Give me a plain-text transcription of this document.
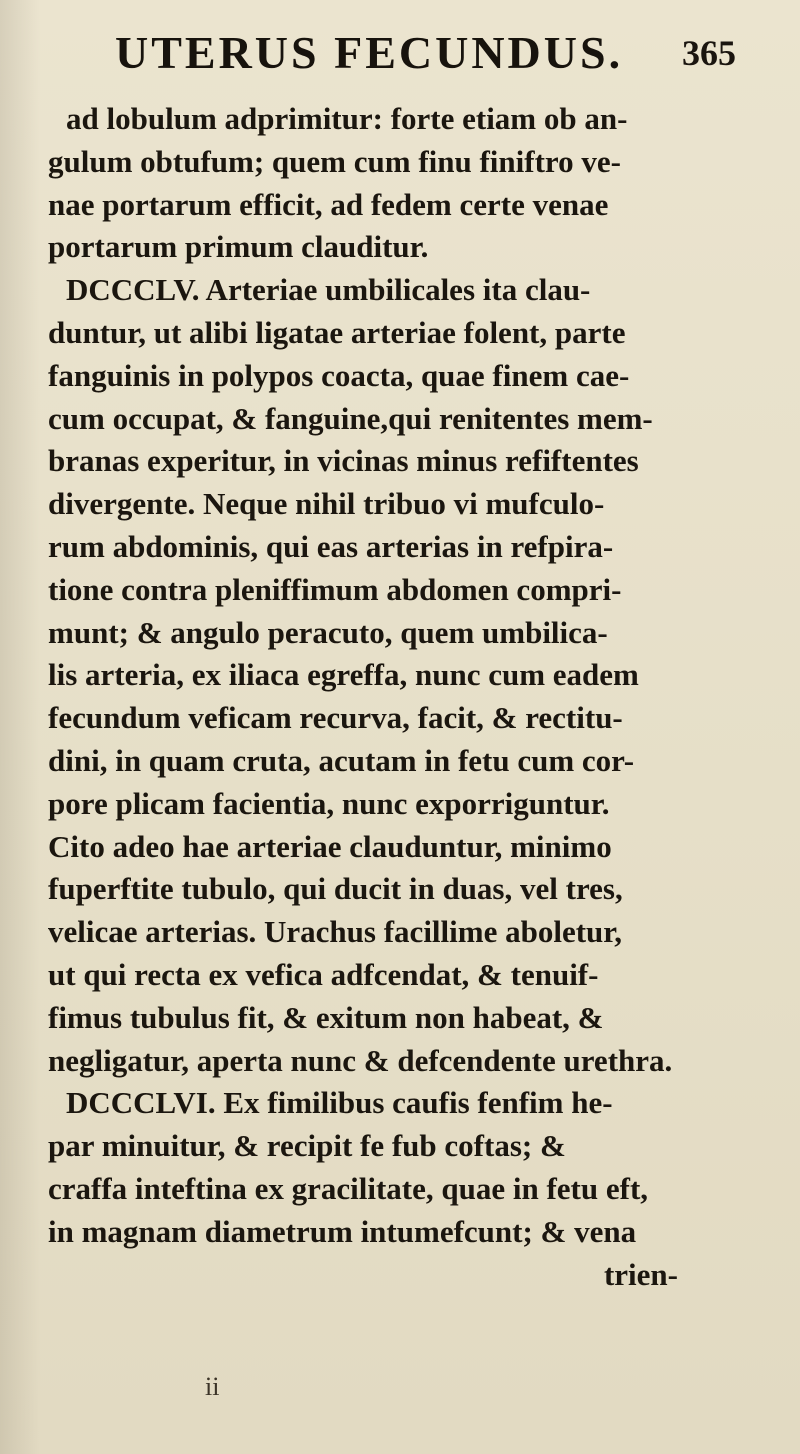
UTERUS FECUNDUS. 365
ad lobulum adprimitur: forte etiam ob an-
gulum obtufum; quem cum finu finiftro ve-
nae portarum efficit, ad fedem certe venae
portarum primum clauditur.
DCCCLV. Arteriae umbilicales ita clau-
duntur, ut alibi ligatae arteriae folent, parte
fanguinis in polypos coacta, quae finem cae-
cum occupat, & fanguine,qui renitentes mem-
branas experitur, in vicinas minus refiftentes
divergente. Neque nihil tribuo vi mufculo-
rum abdominis, qui eas arterias in refpira-
tione contra pleniffimum abdomen compri-
munt; & angulo peracuto, quem umbilica-
lis arteria, ex iliaca egreffa, nunc cum eadem
fecundum veficam recurva, facit, & rectitu-
dini, in quam cruta, acutam in fetu cum cor-
pore plicam facientia, nunc exporriguntur.
Cito adeo hae arteriae clauduntur, minimo
fuperftite tubulo, qui ducit in duas, vel tres,
velicae arterias. Urachus facillime aboletur,
ut qui recta ex vefica adfcendat, & tenuif-
fimus tubulus fit, & exitum non habeat, &
negligatur, aperta nunc & defcendente urethra.
DCCCLVI. Ex fimilibus caufis fenfim he-
par minuitur, & recipit fe fub coftas; &
craffa inteftina ex gracilitate, quae in fetu eft,
in magnam diametrum intumefcunt; & vena
trien-
ii
